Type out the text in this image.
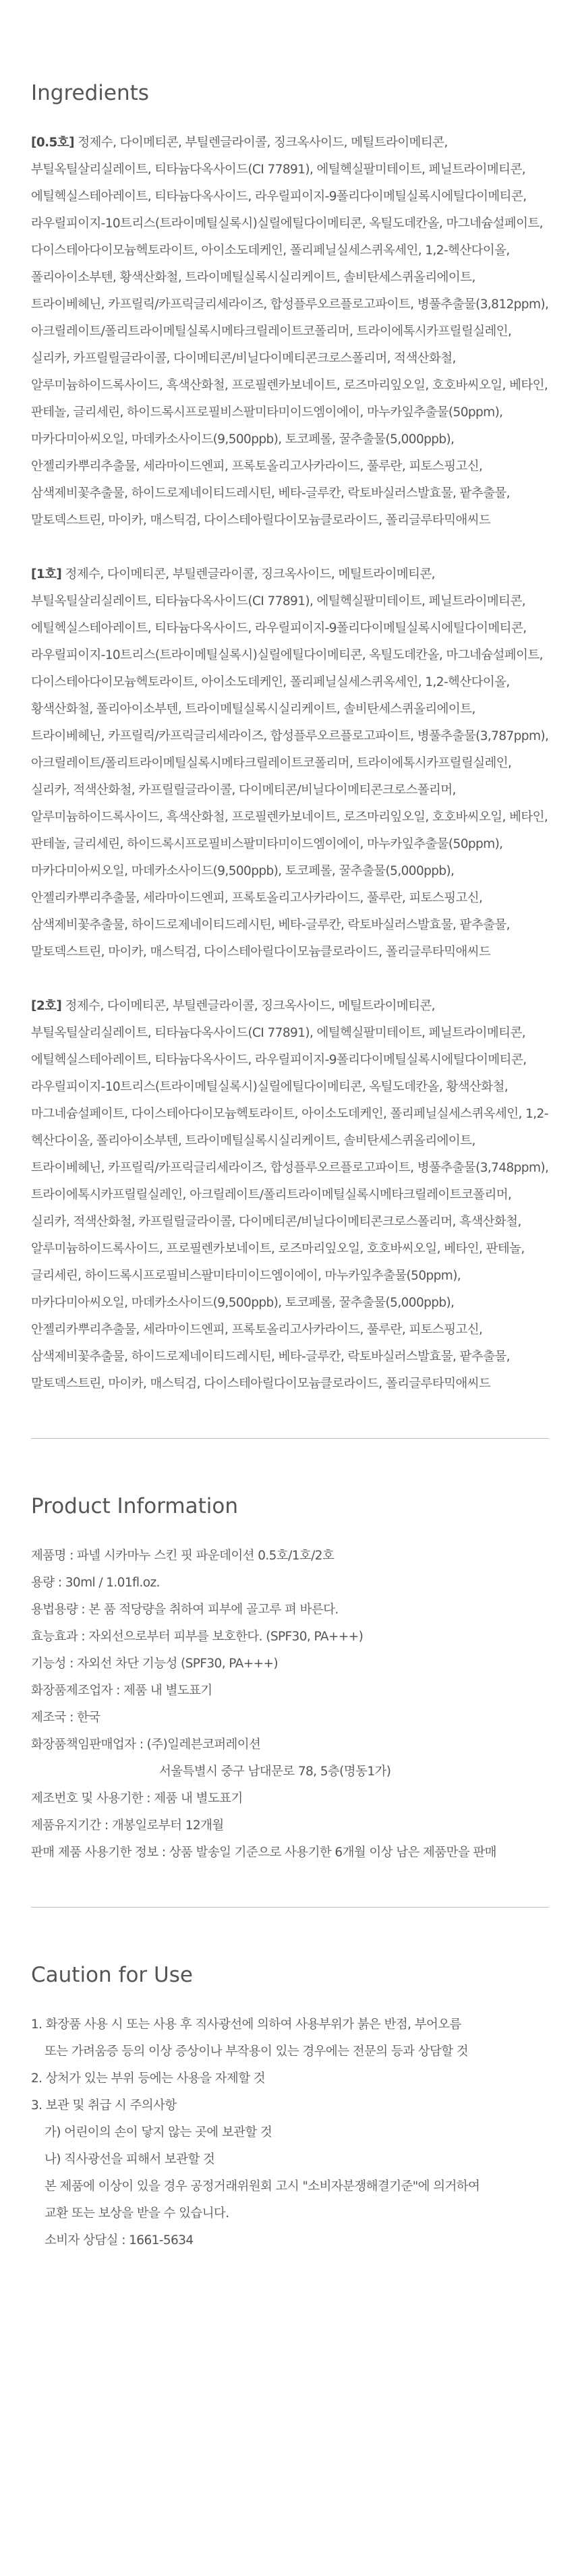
Ingredients

[0.5호] 정제수, 다이메티콘, 부틸렌글라이콜, 징크옥사이드, 메틸트라이메티콘, 부틸옥틸살리실레이트, 티타늄다옥사이드(CI 77891), 에틸헥실팔미테이트, 페닐트라이메티콘, 에틸헥실스테아레이트, 티타늄다옥사이드, 라우릴피이지-9폴리다이메틸실록시에틸다이메티콘, 라우릴피이지-10트리스(트라이메틸실록시)실릴에틸다이메티콘, 옥틸도데칸올, 마그네슘설페이트, 다이스테아다이모늄헥토라이트, 아이소도데케인, 폴리페닐실세스퀴옥세인, 1,2-헥산다이올, 폴리아이소부텐, 황색산화철, 트라이메틸실록시실리케이트, 솔비탄세스퀴올리에이트, 트라이베헤닌, 카프릴릭/카프릭글리세라이즈, 합성플루오르플로고파이트, 병풀추출물(3,812ppm), 아크릴레이트/폴리트라이메틸실록시메타크릴레이트코폴리머, 트라이에톡시카프릴릴실레인, 실리카, 카프릴릴글라이콜, 다이메티콘/비닐다이메티콘크로스폴리머, 적색산화철, 알루미늄하이드록사이드, 흑색산화철, 프로필렌카보네이트, 로즈마리잎오일, 호호바씨오일, 베타인, 판테놀, 글리세린, 하이드록시프로필비스팔미타미이드엠이에이, 마누카잎추출물(50ppm), 마카다미아씨오일, 마데카소사이드(9,500ppb), 토코페롤, 꿀추출물(5,000ppb), 안젤리카뿌리추출물, 세라마이드엔피, 프록토올리고사카라이드, 풀루란, 피토스핑고신, 삼색제비꽃추출물, 하이드로제네이티드레시틴, 베타-글루칸, 락토바실러스발효물, 팥추출물, 말토덱스트린, 마이카, 매스틱검, 다이스테아릴다이모늄클로라이드, 폴리글루타믹애씨드

[1호] 정제수, 다이메티콘, 부틸렌글라이콜, 징크옥사이드, 메틸트라이메티콘, 부틸옥틸살리실레이트, 티타늄다옥사이드(CI 77891), 에틸헥실팔미테이트, 페닐트라이메티콘, 에틸헥실스테아레이트, 티타늄다옥사이드, 라우릴피이지-9폴리다이메틸실록시에틸다이메티콘, 라우릴피이지-10트리스(트라이메틸실록시)실릴에틸다이메티콘, 옥틸도데칸올, 마그네슘설페이트, 다이스테아다이모늄헥토라이트, 아이소도데케인, 폴리페닐실세스퀴옥세인, 1,2-헥산다이올, 황색산화철, 폴리아이소부텐, 트라이메틸실록시실리케이트, 솔비탄세스퀴올리에이트, 트라이베헤닌, 카프릴릭/카프릭글리세라이즈, 합성플루오르플로고파이트, 병풀추출물(3,787ppm), 아크릴레이트/폴리트라이메틸실록시메타크릴레이트코폴리머, 트라이에톡시카프릴릴실레인, 실리카, 적색산화철, 카프릴릴글라이콜, 다이메티콘/비닐다이메티콘크로스폴리머, 알루미늄하이드록사이드, 흑색산화철, 프로필렌카보네이트, 로즈마리잎오일, 호호바씨오일, 베타인, 판테놀, 글리세린, 하이드록시프로필비스팔미타미이드엠이에이, 마누카잎추출물(50ppm), 마카다미아씨오일, 마데카소사이드(9,500ppb), 토코페롤, 꿀추출물(5,000ppb), 안젤리카뿌리추출물, 세라마이드엔피, 프록토올리고사카라이드, 풀루란, 피토스핑고신, 삼색제비꽃추출물, 하이드로제네이티드레시틴, 베타-글루칸, 락토바실러스발효물, 팥추출물, 말토덱스트린, 마이카, 매스틱검, 다이스테아릴다이모늄클로라이드, 폴리글루타믹애씨드

[2호] 정제수, 다이메티콘, 부틸렌글라이콜, 징크옥사이드, 메틸트라이메티콘, 부틸옥틸살리실레이트, 티타늄다옥사이드(CI 77891), 에틸헥실팔미테이트, 페닐트라이메티콘, 에틸헥실스테아레이트, 티타늄다옥사이드, 라우릴피이지-9폴리다이메틸실록시에틸다이메티콘, 라우릴피이지-10트리스(트라이메틸실록시)실릴에틸다이메티콘, 옥틸도데칸올, 황색산화철, 마그네슘설페이트, 다이스테아다이모늄헥토라이트, 아이소도데케인, 폴리페닐실세스퀴옥세인, 1,2-헥산다이올, 폴리아이소부텐, 트라이메틸실록시실리케이트, 솔비탄세스퀴올리에이트, 트라이베헤닌, 카프릴릭/카프릭글리세라이즈, 합성플루오르플로고파이트, 병풀추출물(3,748ppm), 트라이에톡시카프릴릴실레인, 아크릴레이트/폴리트라이메틸실록시메타크릴레이트코폴리머, 실리카, 적색산화철, 카프릴릴글라이콜, 다이메티콘/비닐다이메티콘크로스폴리머, 흑색산화철, 알루미늄하이드록사이드, 프로필렌카보네이트, 로즈마리잎오일, 호호바씨오일, 베타인, 판테놀, 글리세린, 하이드록시프로필비스팔미타미이드엠이에이, 마누카잎추출물(50ppm), 마카다미아씨오일, 마데카소사이드(9,500ppb), 토코페롤, 꿀추출물(5,000ppb), 안젤리카뿌리추출물, 세라마이드엔피, 프록토올리고사카라이드, 풀루란, 피토스핑고신, 삼색제비꽃추출물, 하이드로제네이티드레시틴, 베타-글루칸, 락토바실러스발효물, 팥추출물, 말토덱스트린, 마이카, 매스틱검, 다이스테아릴다이모늄클로라이드, 폴리글루타믹애씨드

Product Information
제품명 : 파넬 시카마누 스킨 핏 파운데이션 0.5호/1호/2호
용량 : 30ml / 1.01fl.oz.
용법용량 : 본 품 적당량을 취하여 피부에 골고루 펴 바른다.
효능효과 : 자외선으로부터 피부를 보호한다. (SPF30, PA+++)
기능성 : 자외선 차단 기능성 (SPF30, PA+++)
화장품제조업자 : 제품 내 별도표기
제조국 : 한국
화장품책임판매업자 : (주)일레븐코퍼레이션
서울특별시 중구 남대문로 78, 5층(명동1가)
제조번호 및 사용기한 : 제품 내 별도표기
제품유지기간 : 개봉일로부터 12개월
판매 제품 사용기한 정보 : 상품 발송일 기준으로 사용기한 6개월 이상 남은 제품만을 판매
Caution for Use
1. 화장품 사용 시 또는 사용 후 직사광선에 의하여 사용부위가 붉은 반점, 부어오름
또는 가려움증 등의 이상 증상이나 부작용이 있는 경우에는 전문의 등과 상담할 것
2. 상처가 있는 부위 등에는 사용을 자제할 것
3. 보관 및 취급 시 주의사항
가) 어린이의 손이 닿지 않는 곳에 보관할 것
나) 직사광선을 피해서 보관할 것
본 제품에 이상이 있을 경우 공정거래위원회 고시 "소비자분쟁해결기준"에 의거하여
교환 또는 보상을 받을 수 있습니다.
소비자 상담실 : 1661-5634
